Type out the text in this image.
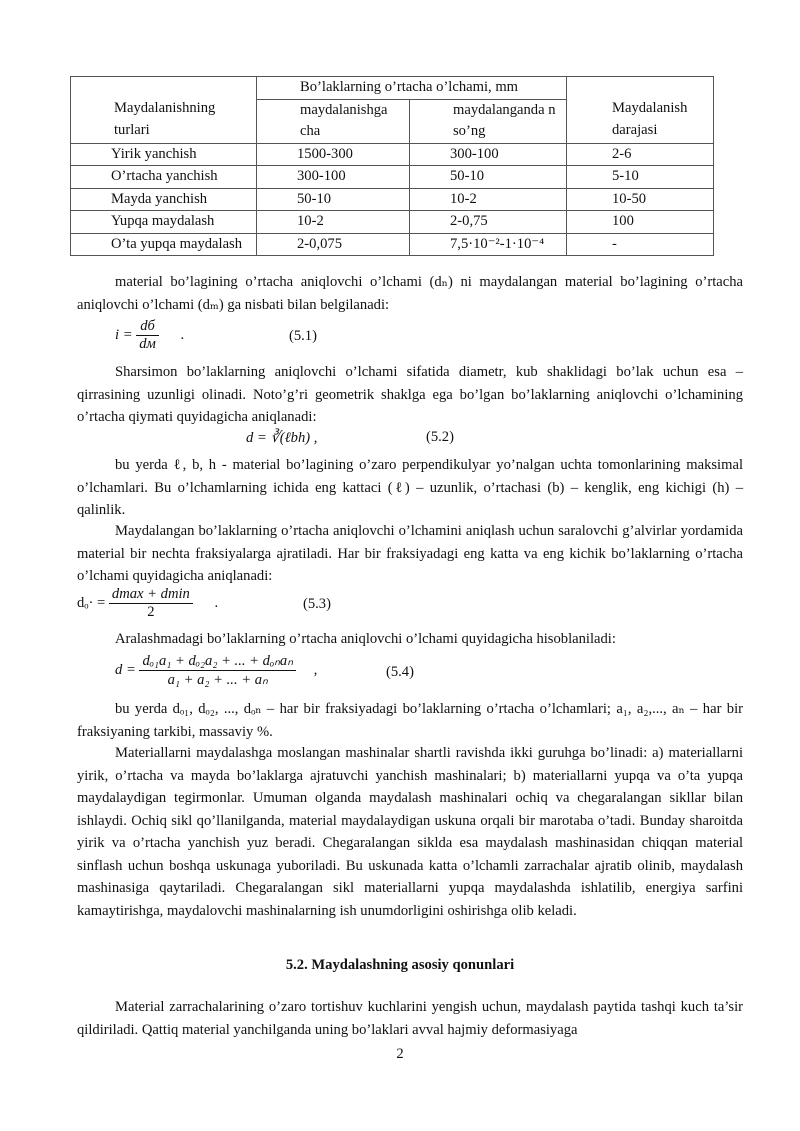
Maydalanishning turlari	Bo’laklarning o’rtacha o’lchami, mm		Maydalanish darajasi
	maydalanishga cha	maydalanganda n so’ng	
Yirik yanchish	1500-300	300-100	2-6
O’rtacha yanchish	300-100	50-10	5-10
Mayda yanchish	50-10	10-2	10-50
Yupqa maydalash	10-2	2-0,75	100
O’ta yupqa maydalash	2-0,075	7,5·10⁻²-1·10⁻⁴	-

material bo’lagining o’rtacha aniqlovchi o’lchami (dₙ) ni maydalangan material bo’lagining o’rtacha aniqlovchi o’lchami (dₘ) ga nisbati bilan belgilanadi:

$i = \frac{dб}{dм}$ .	(5.1)

Sharsimon bo’laklarning aniqlovchi o’lchami sifatida diametr, kub shaklidagi bo’lak uchun esa – qirrasining uzunligi olinadi. Noto’g’ri geometrik shaklga ega bo’lgan bo’laklarning aniqlovchi o’lchamining o’rtacha qiymati quyidagicha aniqlanadi:

d = ∛(ℓbh) ,	(5.2)

bu yerda ℓ, b, h - material bo’lagining o’zaro perpendikulyar yo’nalgan uchta tomonlarining maksimal o’lchamlari. Bu o’lchamlarning ichida eng kattaci (ℓ) – uzunlik, o’rtachasi (b) – kenglik, eng kichigi (h) – qalinlik.

Maydalangan bo’laklarning o’rtacha aniqlovchi o’lchamini aniqlash uchun saralovchi g’alvirlar yordamida material bir nechta fraksiyalarga ajratiladi. Har bir fraksiyadagi eng katta va eng kichik bo’laklarning o’rtacha o’lchami quyidagicha aniqlanadi:

$d_o\cdot = \frac{dmax + dmin}{2}$ .	(5.3)

Aralashmadagi bo’laklarning o’rtacha aniqlovchi o’lchami quyidagicha hisoblaniladi:

$d = \frac{\text{dₒ₁a₁ + dₒ₂a₂ + ... + dₒₙaₙ}}{\text{a₁ + a₂ + ... + aₙ}}$ ,	(5.4)

bu yerda dₒ₁, dₒ₂, ..., dₒₙ – har bir fraksiyadagi bo’laklarning o’rtacha o’lchamlari; a₁, a₂,..., aₙ – har bir fraksiyaning tarkibi, massaviy %.

Materiallarni maydalashga moslangan mashinalar shartli ravishda ikki guruhga bo’linadi: a) materiallarni yirik, o’rtacha va mayda bo’laklarga ajratuvchi yanchish mashinalari; b) materiallarni yupqa va o’ta yupqa maydalaydigan tegirmonlar. Umuman olganda maydalash mashinalari ochiq va chegaralangan sikllar bilan ishlaydi. Ochiq sikl qo’llanilganda, material maydalaydigan uskuna orqali bir marotaba o’tadi. Bunday sharoitda yirik va o’rtacha yanchish yuz beradi. Chegaralangan siklda esa maydalash mashinasidan chiqqan material sinflash uchun boshqa uskunaga yuboriladi. Bu uskunada katta o’lchamli zarrachalar ajratib olinib, maydalash mashinasiga qaytariladi. Chegaralangan sikl materiallarni yupqa maydalashda ishlatilib, energiya sarfini kamaytirishga, maydalovchi mashinalarning ish unumdorligini oshirishga olib keladi.

5.2. Maydalashning asosiy qonunlari

Material zarrachalarining o’zaro tortishuv kuchlarini yengish uchun, maydalash paytida tashqi kuch ta’sir qildiriladi. Qattiq material yanchilganda uning bo’laklari avval hajmiy deformasiyaga

2
